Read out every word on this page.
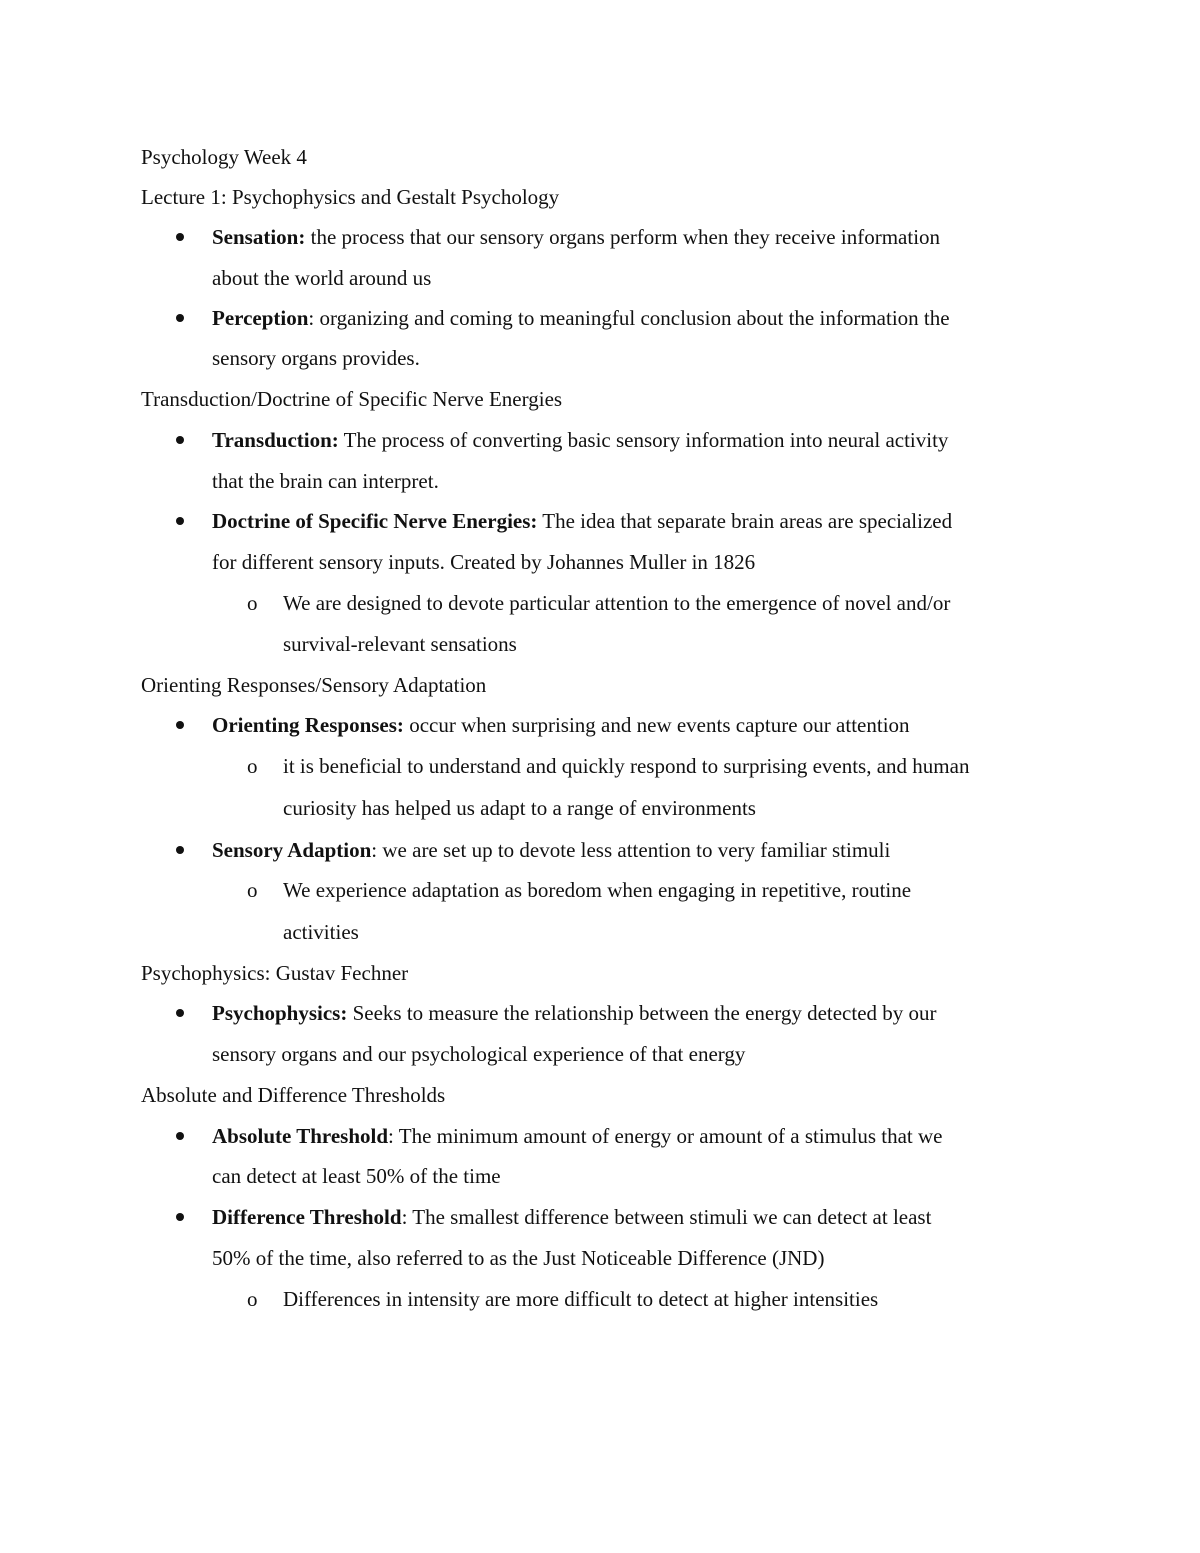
Psychology Week 4
Lecture 1: Psychophysics and Gestalt Psychology
Sensation: the process that our sensory organs perform when they receive information
about the world around us
Perception: organizing and coming to meaningful conclusion about the information the
sensory organs provides.
Transduction/Doctrine of Specific Nerve Energies
Transduction: The process of converting basic sensory information into neural activity
that the brain can interpret.
Doctrine of Specific Nerve Energies: The idea that separate brain areas are specialized
for different sensory inputs. Created by Johannes Muller in 1826
o We are designed to devote particular attention to the emergence of novel and/or
survival-relevant sensations
Orienting Responses/Sensory Adaptation
Orienting Responses: occur when surprising and new events capture our attention
o it is beneficial to understand and quickly respond to surprising events, and human
curiosity has helped us adapt to a range of environments
Sensory Adaption: we are set up to devote less attention to very familiar stimuli
o We experience adaptation as boredom when engaging in repetitive, routine
activities
Psychophysics: Gustav Fechner
Psychophysics: Seeks to measure the relationship between the energy detected by our
sensory organs and our psychological experience of that energy
Absolute and Difference Thresholds
Absolute Threshold: The minimum amount of energy or amount of a stimulus that we
can detect at least 50% of the time
Difference Threshold: The smallest difference between stimuli we can detect at least
50% of the time, also referred to as the Just Noticeable Difference (JND)
o Differences in intensity are more difficult to detect at higher intensities
